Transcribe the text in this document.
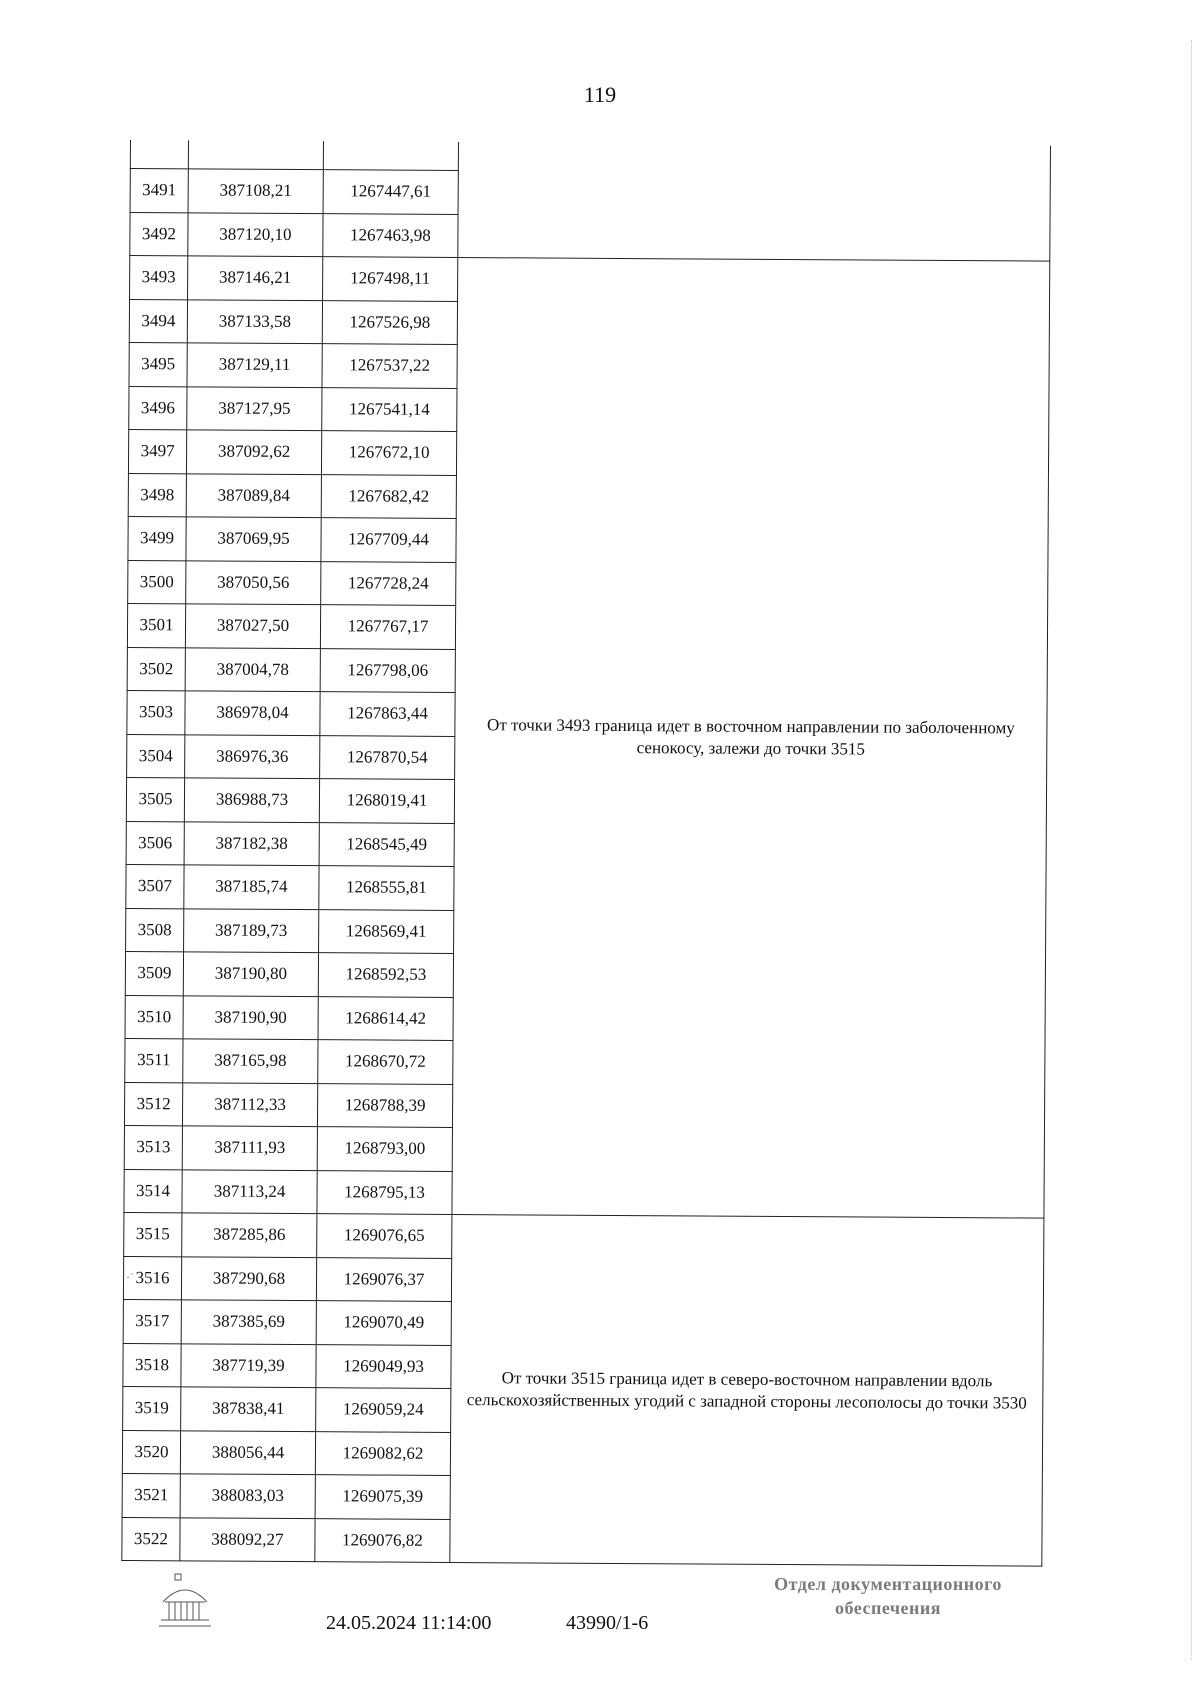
119
·˙

3491	387108,21	1267447,61	
3492	387120,10	1267463,98	
3493	387146,21	1267498,11	От точки 3493 граница идет в восточном направлении по заболоченному сенокосу, залежи до точки 3515
3494	387133,58	1267526,98	
3495	387129,11	1267537,22	
3496	387127,95	1267541,14	
3497	387092,62	1267672,10	
3498	387089,84	1267682,42	
3499	387069,95	1267709,44	
3500	387050,56	1267728,24	
3501	387027,50	1267767,17	
3502	387004,78	1267798,06	
3503	386978,04	1267863,44	
3504	386976,36	1267870,54	
3505	386988,73	1268019,41	
3506	387182,38	1268545,49	
3507	387185,74	1268555,81	
3508	387189,73	1268569,41	
3509	387190,80	1268592,53	
3510	387190,90	1268614,42	
3511	387165,98	1268670,72	
3512	387112,33	1268788,39	
3513	387111,93	1268793,00	
3514	387113,24	1268795,13	
3515	387285,86	1269076,65	От точки 3515 граница идет в северо-восточном направлении вдоль сельскохозяйственных угодий с западной стороны лесополосы до точки 3530
3516	387290,68	1269076,37	
3517	387385,69	1269070,49	
3518	387719,39	1269049,93	
3519	387838,41	1269059,24	
3520	388056,44	1269082,62	
3521	388083,03	1269075,39	
3522	388092,27	1269076,82	
24.05.2024 11:14:00	43990/1-6
Отдел документационного
обеспечения
